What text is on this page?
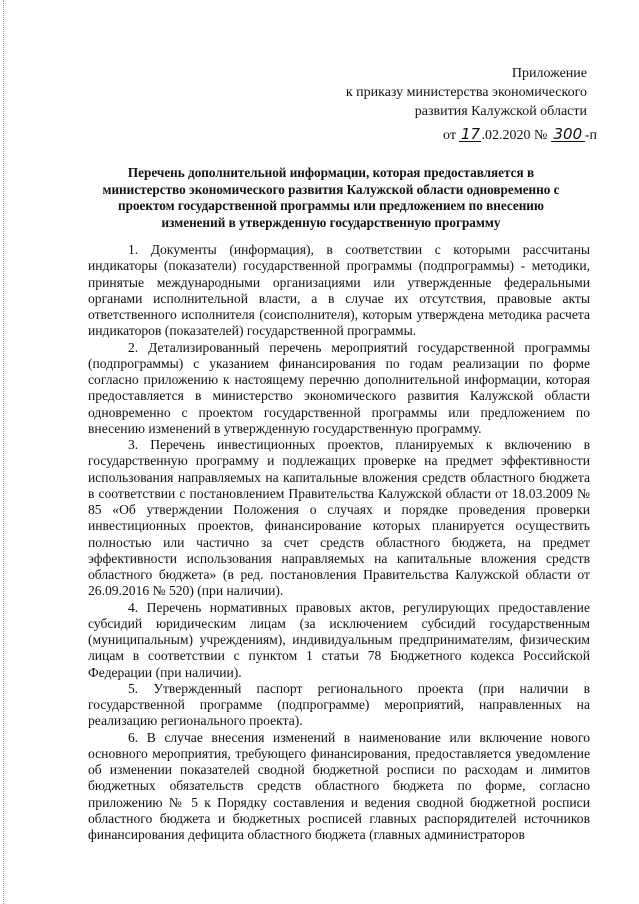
Приложение
к приказу министерства экономического
развития Калужской области
от 17.02.2020 № 300 -п
Перечень дополнительной информации, которая предоставляется в
министерство экономического развития Калужской области одновременно с
проектом государственной программы или предложением по внесению
изменений в утвержденную государственную программу

1. Документы (информация), в соответствии с которыми рассчитаны индикаторы (показатели) государственной программы (подпрограммы) - методики, принятые международными организациями или утвержденные федеральными органами исполнительной власти, а в случае их отсутствия, правовые акты ответственного исполнителя (соисполнителя), которым утверждена методика расчета индикаторов (показателей) государственной программы.

2. Детализированный перечень мероприятий государственной программы (подпрограммы) с указанием финансирования по годам реализации по форме согласно приложению к настоящему перечню дополнительной информации, которая предоставляется в министерство экономического развития Калужской области одновременно с проектом государственной программы или предложением по внесению изменений в утвержденную государственную программу.

3. Перечень инвестиционных проектов, планируемых к включению в государственную программу и подлежащих проверке на предмет эффективности использования направляемых на капитальные вложения средств областного бюджета в соответствии с постановлением Правительства Калужской области от 18.03.2009 № 85 «Об утверждении Положения о случаях и порядке проведения проверки инвестиционных проектов, финансирование которых планируется осуществить полностью или частично за счет средств областного бюджета, на предмет эффективности использования направляемых на капитальные вложения средств областного бюджета» (в ред. постановления Правительства Калужской области от 26.09.2016 № 520) (при наличии).

4. Перечень нормативных правовых актов, регулирующих предоставление субсидий юридическим лицам (за исключением субсидий государственным (муниципальным) учреждениям), индивидуальным предпринимателям, физическим лицам в соответствии с пунктом 1 статьи 78 Бюджетного кодекса Российской Федерации (при наличии).

5. Утвержденный паспорт регионального проекта (при наличии в государственной программе (подпрограмме) мероприятий, направленных на реализацию регионального проекта).

6. В случае внесения изменений в наименование или включение нового основного мероприятия, требующего финансирования, предоставляется уведомление об изменении показателей сводной бюджетной росписи по расходам и лимитов бюджетных обязательств средств областного бюджета по форме, согласно приложению № 5 к Порядку составления и ведения сводной бюджетной росписи областного бюджета и бюджетных росписей главных распорядителей источников финансирования дефицита областного бюджета (главных администраторов
